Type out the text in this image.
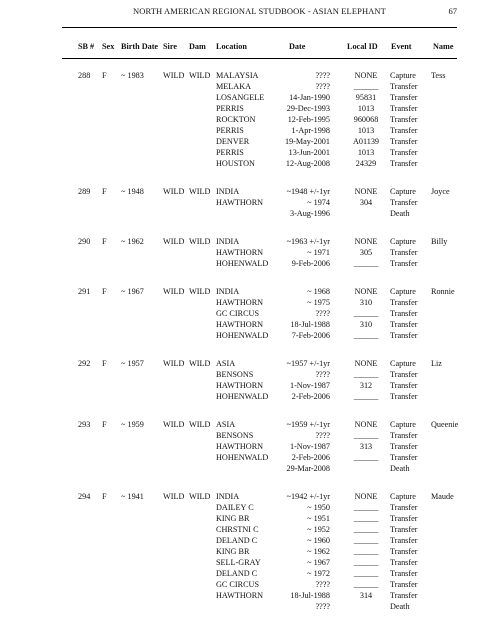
NORTH AMERICAN REGIONAL STUDBOOK - ASIAN ELEPHANT	67
SB # Sex Birth Date Sire Dam Location	Date	Local ID Event	Name
288 F ~ 1983 WILD WILD MALAYSIA	????	NONE	Capture Tess
MELAKA	????	______	Transfer
LOSANGELE	14-Jan-1990	95831	Transfer
PERRIS	29-Dec-1993	1013	Transfer
ROCKTON	12-Feb-1995	960068	Transfer
PERRIS	1-Apr-1998	1013	Transfer
DENVER	19-May-2001	A01139	Transfer
PERRIS	13-Jun-2001	1013	Transfer
HOUSTON	12-Aug-2008	24329	Transfer
289 F ~ 1948 WILD WILD INDIA	~1948 +/-1yr	NONE	Capture Joyce
HAWTHORN	~ 1974	304	Transfer
3-Aug-1996	Death
290 F ~ 1962 WILD WILD INDIA	~1963 +/-1yr	NONE	Capture Billy
HAWTHORN	~ 1971	305	Transfer
HOHENWALD	9-Feb-2006	______	Transfer
291 F ~ 1967 WILD WILD INDIA	~ 1968	NONE	Capture Ronnie
HAWTHORN	~ 1975	310	Transfer
GC CIRCUS	????	______	Transfer
HAWTHORN	18-Jul-1988	310	Transfer
HOHENWALD	7-Feb-2006	______	Transfer
292 F ~ 1957 WILD WILD ASIA	~1957 +/-1yr	NONE	Capture Liz
BENSONS	????	______	Transfer
HAWTHORN	1-Nov-1987	312	Transfer
HOHENWALD	2-Feb-2006	______	Transfer
293 F ~ 1959 WILD WILD ASIA	~1959 +/-1yr	NONE	Capture Queenie
BENSONS	????	______	Transfer
HAWTHORN	1-Nov-1987	313	Transfer
HOHENWALD	2-Feb-2006	______	Transfer
29-Mar-2008	Death
294 F ~ 1941 WILD WILD INDIA	~1942 +/-1yr	NONE	Capture Maude
DAILEY C	~ 1950	______	Transfer
KING BR	~ 1951	______	Transfer
CHRSTNI C	~ 1952	______	Transfer
DELAND C	~ 1960	______	Transfer
KING BR	~ 1962	______	Transfer
SELL-GRAY	~ 1967	______	Transfer
DELAND C	~ 1972	______	Transfer
GC CIRCUS	????	______	Transfer
HAWTHORN	18-Jul-1988	314	Transfer
????	Death
